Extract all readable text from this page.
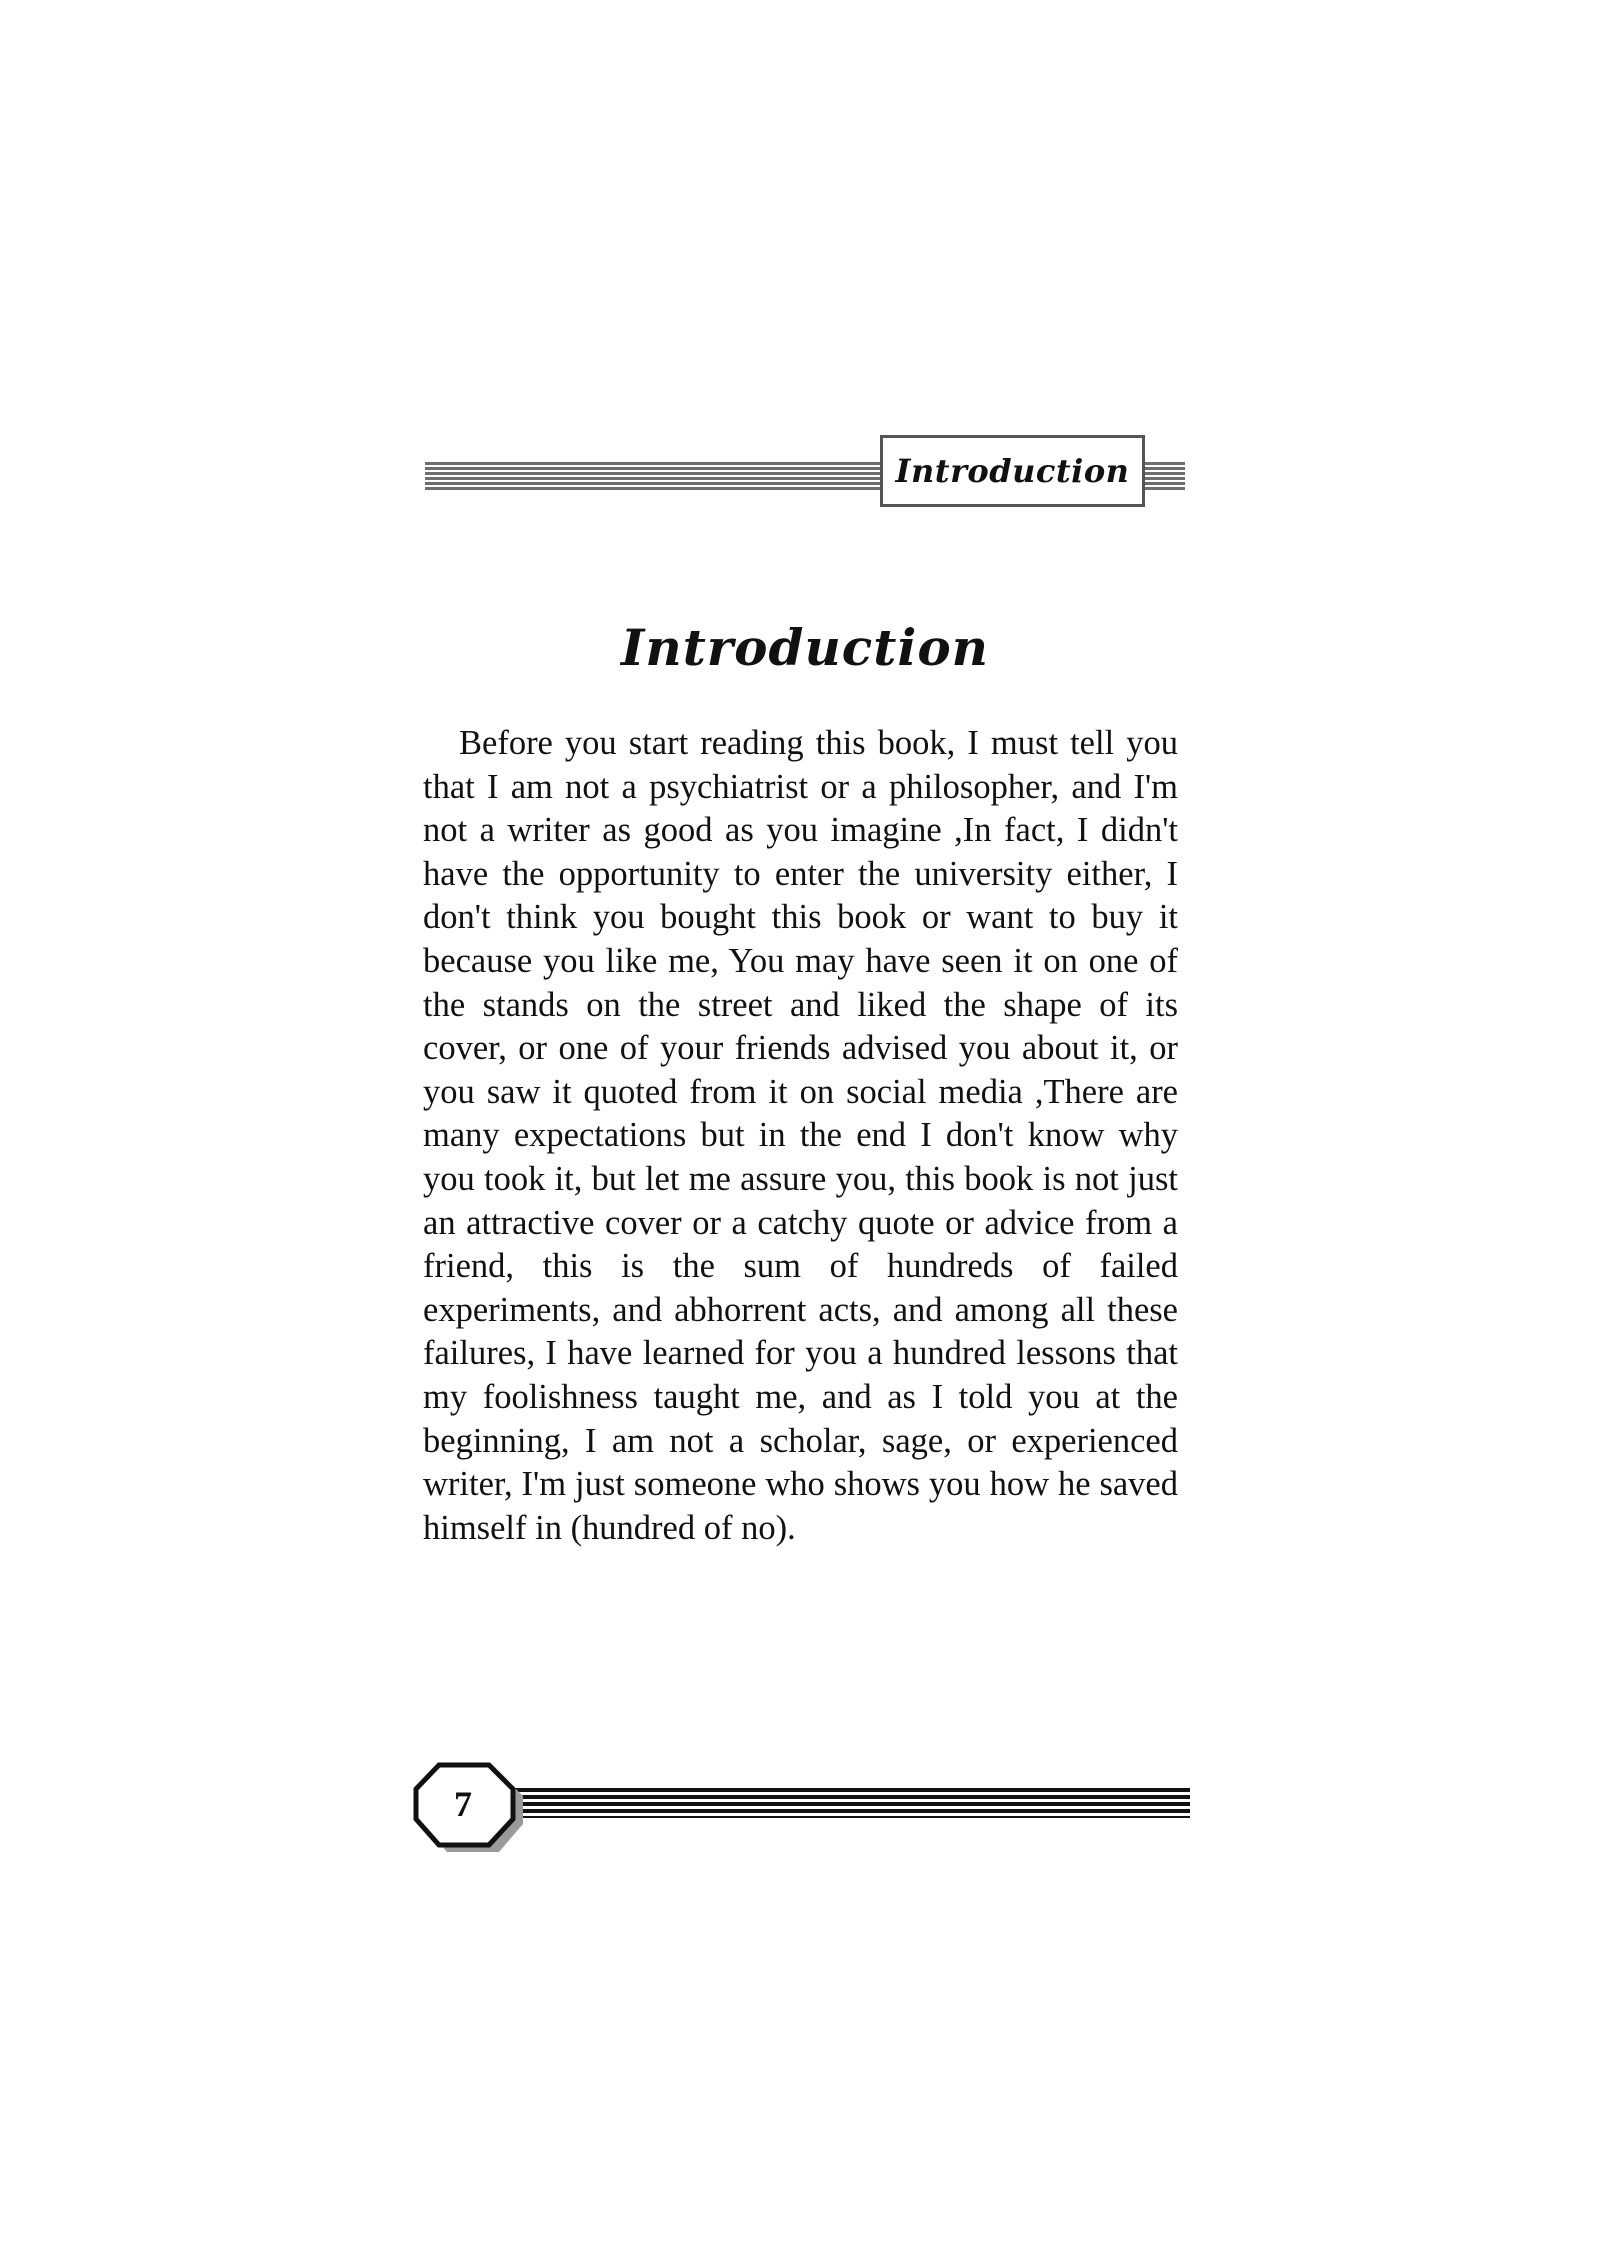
Introduction
Introduction

Before you start reading this book, I must tell you that I am not a psychiatrist or a philosopher, and I'm not a writer as good as you imagine ,In fact, I didn't have the opportunity to enter the university either, I don't think you bought this book or want to buy it because you like me, You may have seen it on one of the stands on the street and liked the shape of its cover, or one of your friends advised you about it, or you saw it quoted from it on social media ,There are many expectations but in the end I don't know why you took it, but let me assure you, this book is not just an attractive cover or a catchy quote or advice from a friend, this is the sum of hundreds of failed experiments, and abhorrent acts, and among all these failures, I have learned for you a hundred lessons that my foolishness taught me, and as I told you at the beginning, I am not a scholar, sage, or experienced writer, I'm just someone who shows you how he saved himself in (hundred of no).

7
